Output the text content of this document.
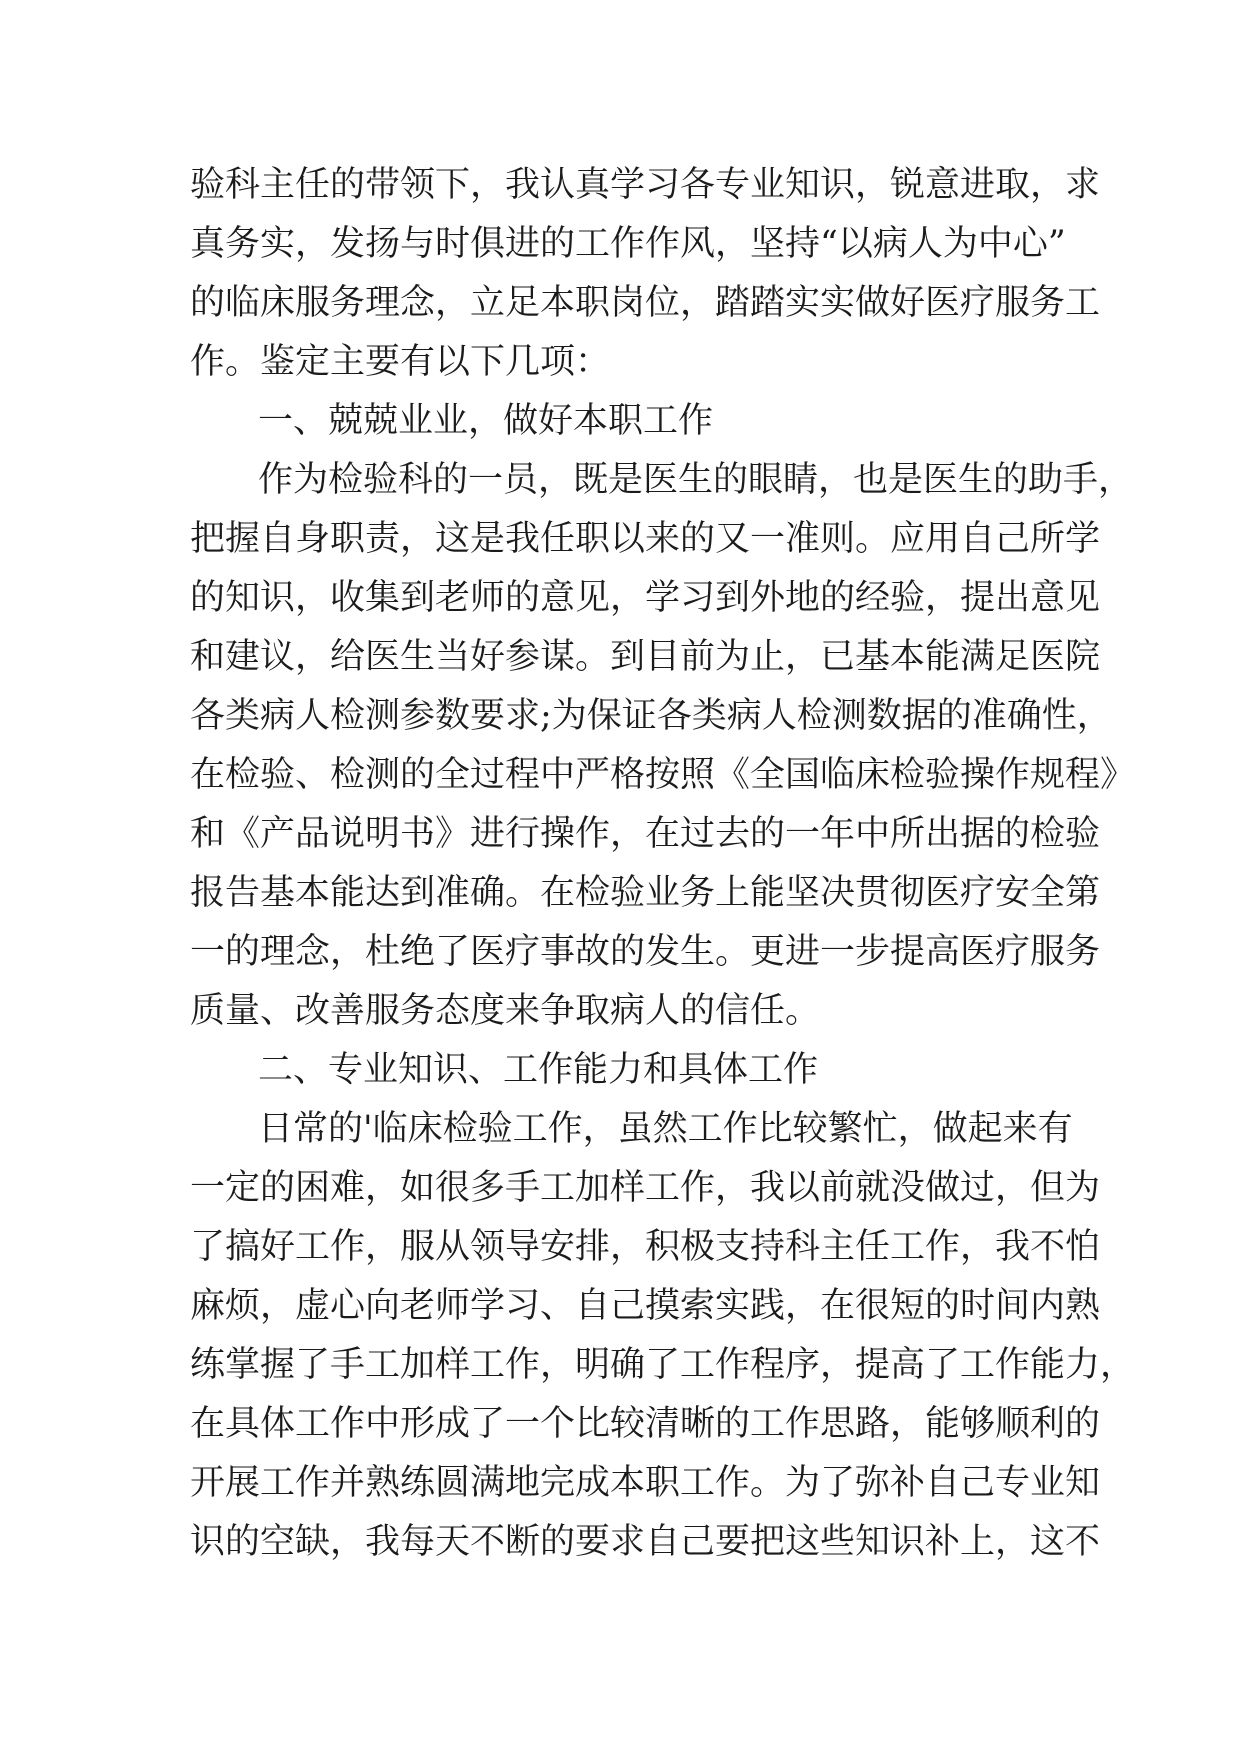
验科主任的带领下，我认真学习各专业知识，锐意进取，求

真务实，发扬与时俱进的工作作风，坚持“以病人为中心”

的临床服务理念，立足本职岗位，踏踏实实做好医疗服务工

作。鉴定主要有以下几项：

一、兢兢业业，做好本职工作

作为检验科的一员，既是医生的眼睛，也是医生的助手，

把握自身职责，这是我任职以来的又一准则。应用自己所学

的知识，收集到老师的意见，学习到外地的经验，提出意见

和建议，给医生当好参谋。到目前为止，已基本能满足医院

各类病人检测参数要求;为保证各类病人检测数据的准确性，

在检验、检测的全过程中严格按照《全国临床检验操作规程》

和《产品说明书》进行操作，在过去的一年中所出据的检验

报告基本能达到准确。在检验业务上能坚决贯彻医疗安全第

一的理念，杜绝了医疗事故的发生。更进一步提高医疗服务

质量、改善服务态度来争取病人的信任。

二、专业知识、工作能力和具体工作

日常的'临床检验工作，虽然工作比较繁忙，做起来有

一定的困难，如很多手工加样工作，我以前就没做过，但为

了搞好工作，服从领导安排，积极支持科主任工作，我不怕

麻烦，虚心向老师学习、自己摸索实践，在很短的时间内熟

练掌握了手工加样工作，明确了工作程序，提高了工作能力，

在具体工作中形成了一个比较清晰的工作思路，能够顺利的

开展工作并熟练圆满地完成本职工作。为了弥补自己专业知

识的空缺，我每天不断的要求自己要把这些知识补上，这不
